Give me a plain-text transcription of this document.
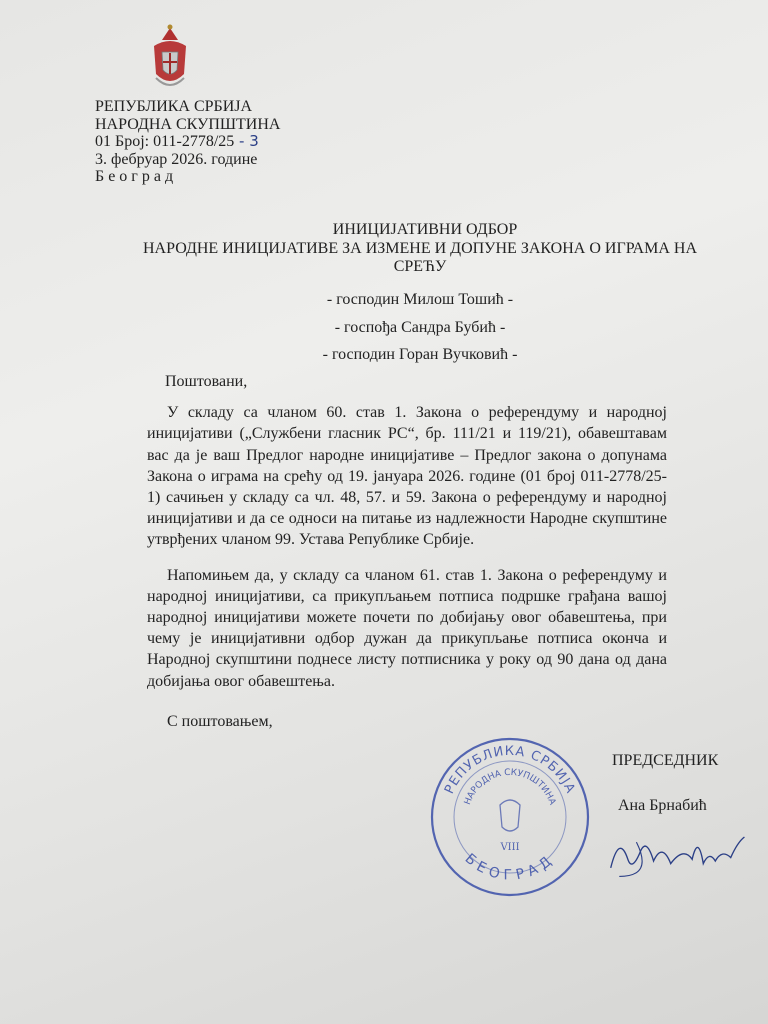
РЕПУБЛИКА СРБИЈА
НАРОДНА СКУПШТИНА
01 Број: 011-2778/25 - 3
3. фебруар 2026. године
Београд
ИНИЦИЈАТИВНИ ОДБОР
НАРОДНЕ ИНИЦИЈАТИВЕ ЗА ИЗМЕНЕ И ДОПУНЕ ЗАКОНА О ИГРАМА НА
СРЕЋУ
- господин Милош Тошић -
- госпођа Сандра Бубић -
- господин Горан Вучковић -

Поштовани,

У складу са чланом 60. став 1. Закона о референдуму и народној иницијативи („Службени гласник РС“, бр. 111/21 и 119/21), обавештавам вас да је ваш Предлог народне иницијативе – Предлог закона о допунама Закона о играма на срећу од 19. јануара 2026. године (01 број 011-2778/25-1) сачињен у складу са чл. 48, 57. и 59. Закона о референдуму и народној иницијативи и да се односи на питање из надлежности Народне скупштине утврђених чланом 99. Устава Републике Србије.

Напомињем да, у складу са чланом 61. став 1. Закона о референдуму и народној иницијативи, са прикупљањем потписа подршке грађана вашој народној иницијативи можете почети по добијању овог обавештења, при чему је иницијативни одбор дужан да прикупљање потписа оконча и Народној скупштини поднесе листу потписника у року од 90 дана од дана добијања овог обавештења.

С поштовањем,

РЕПУБЛИКА СРБИЈА
НАРОДНА СКУПШТИНА
БЕОГРАД
VIII
ПРЕДСЕДНИК
Ана Брнабић
